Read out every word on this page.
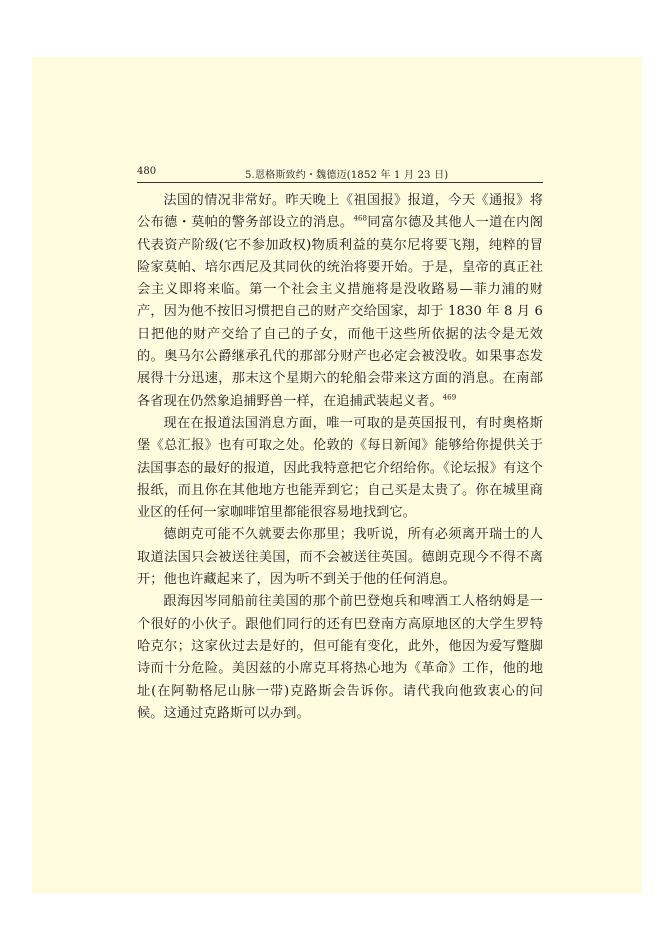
480	5.恩格斯致约・魏德迈(1852 年 1 月 23 日)

法国的情况非常好。昨天晚上《祖国报》报道，今天《通报》将公布德・莫帕的警务部设立的消息。$^{468}$同富尔德及其他人一道在内阁代表资产阶级(它不参加政权)物质利益的莫尔尼将要飞翔，纯粹的冒险家莫帕、培尔西尼及其同伙的统治将要开始。于是，皇帝的真正社会主义即将来临。第一个社会主义措施将是没收路易—菲力浦的财产，因为他不按旧习惯把自己的财产交给国家，却于 1830 年 8 月 6 日把他的财产交给了自己的子女，而他干这些所依据的法令是无效的。奥马尔公爵继承孔代的那部分财产也必定会被没收。如果事态发展得十分迅速，那末这个星期六的轮船会带来这方面的消息。在南部各省现在仍然象追捕野兽一样，在追捕武装起义者。$^{469}$

现在在报道法国消息方面，唯一可取的是英国报刊，有时奥格斯堡《总汇报》也有可取之处。伦敦的《每日新闻》能够给你提供关于法国事态的最好的报道，因此我特意把它介绍给你。《论坛报》有这个报纸，而且你在其他地方也能弄到它；自己买是太贵了。你在城里商业区的任何一家咖啡馆里都能很容易地找到它。

德朗克可能不久就要去你那里；我听说，所有必须离开瑞士的人取道法国只会被送往美国，而不会被送往英国。德朗克现今不得不离开；他也许藏起来了，因为听不到关于他的任何消息。

跟海因岑同船前往美国的那个前巴登炮兵和啤酒工人格纳姆是一个很好的小伙子。跟他们同行的还有巴登南方高原地区的大学生罗特哈克尔；这家伙过去是好的，但可能有变化，此外，他因为爱写蹩脚诗而十分危险。美因兹的小席克耳将热心地为《革命》工作，他的地址(在阿勒格尼山脉一带)克路斯会告诉你。请代我向他致衷心的问候。这通过克路斯可以办到。
